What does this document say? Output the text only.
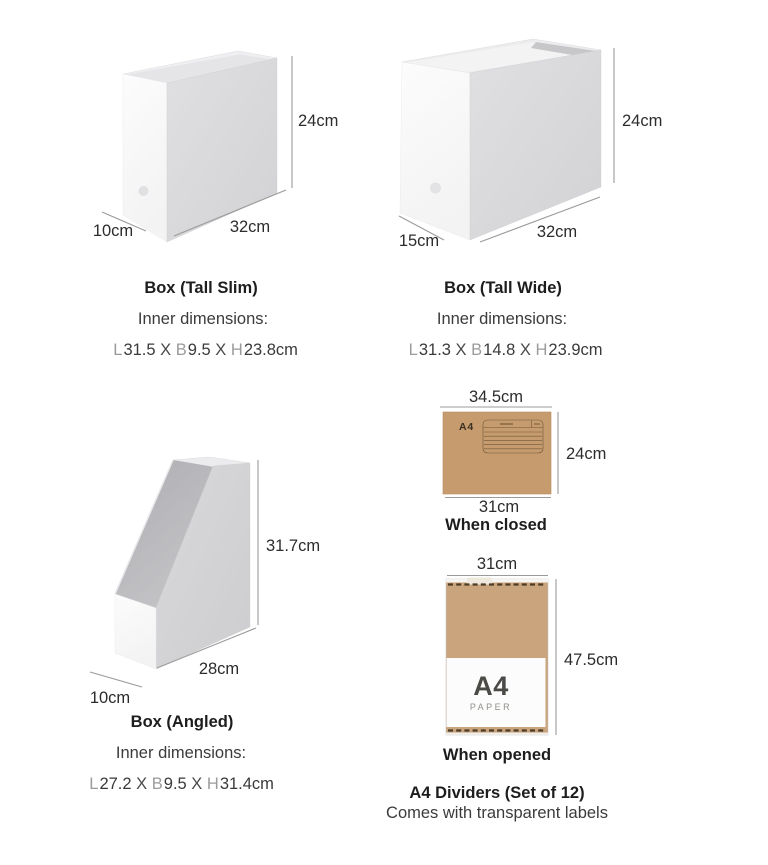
24cm
32cm
10cm
24cm
32cm
15cm
31.7cm
28cm
10cm
34.5cm
A4
24cm
31cm
31cm
A4
PAPER
47.5cm
Box (Tall Slim)
Inner dimensions:

L31.5 X B9.5 X H23.8cm

Box (Tall Wide)
Inner dimensions:

L31.3 X B14.8 X H23.9cm

Box (Angled)
Inner dimensions:

L27.2 X B9.5 X H31.4cm

When closed
When opened
A4 Dividers (Set of 12)
Comes with transparent labels
